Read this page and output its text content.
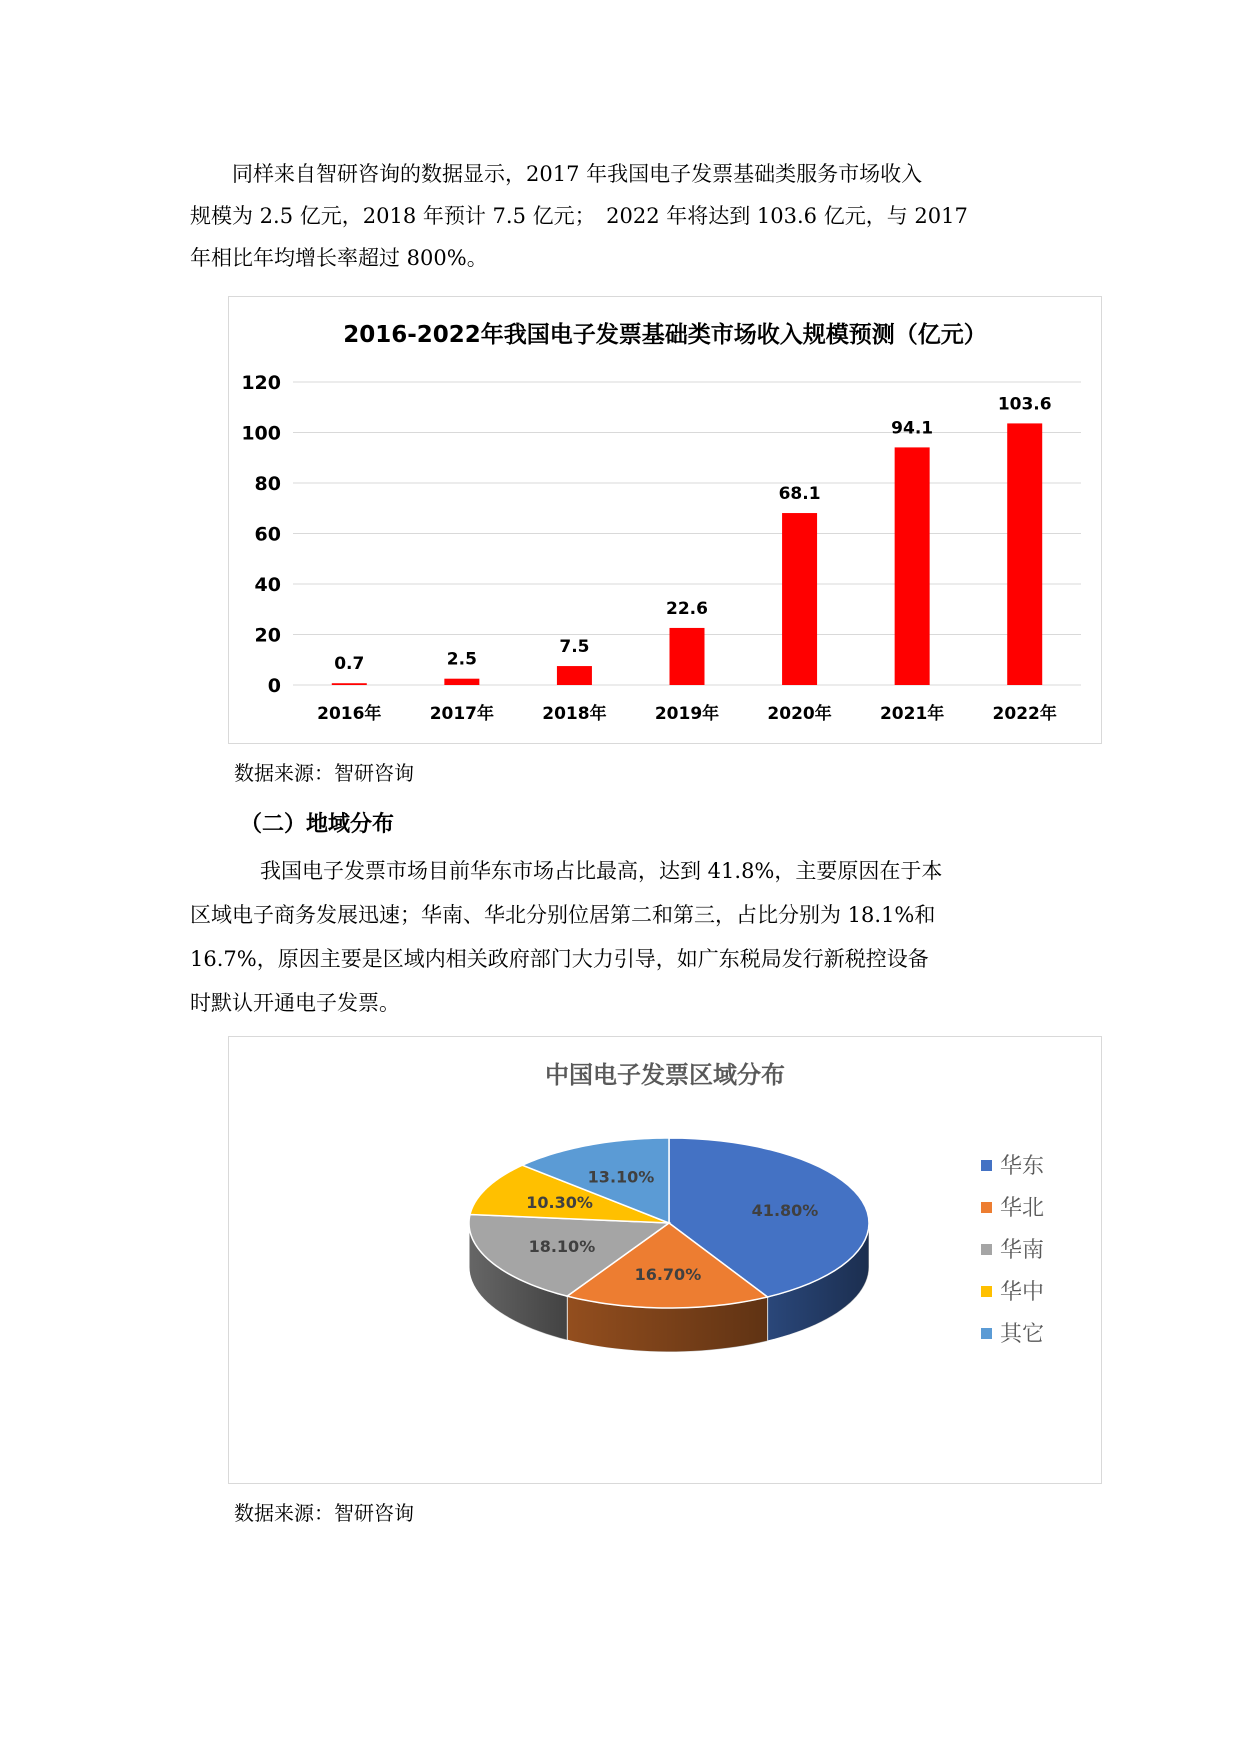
同样来自智研咨询的数据显示，2017 年我国电子发票基础类服务市场收入
规模为 2.5 亿元，2018 年预计 7.5 亿元；　2022 年将达到 103.6 亿元，与 2017
年相比年均增长率超过 800%。
2016-2022年我国电子发票基础类市场收入规模预测（亿元）
0
20
40
60
80
100
120
0.7	2.5
7.5
22.6
68.1
94.1
103.6
2016年	2017年	2018年	2019年	2020年	2021年	2022年
数据来源：智研咨询
（二）地域分布
我国电子发票市场目前华东市场占比最高，达到 41.8%，主要原因在于本
区域电子商务发展迅速；华南、华北分别位居第二和第三，占比分别为 18.1%和
16.7%，原因主要是区域内相关政府部门大力引导，如广东税局发行新税控设备
时默认开通电子发票。
中国电子发票区域分布
41.80%
16.70%
18.10%
10.30%
13.10%	华东
华北
华南
华中
其它
数据来源：智研咨询
